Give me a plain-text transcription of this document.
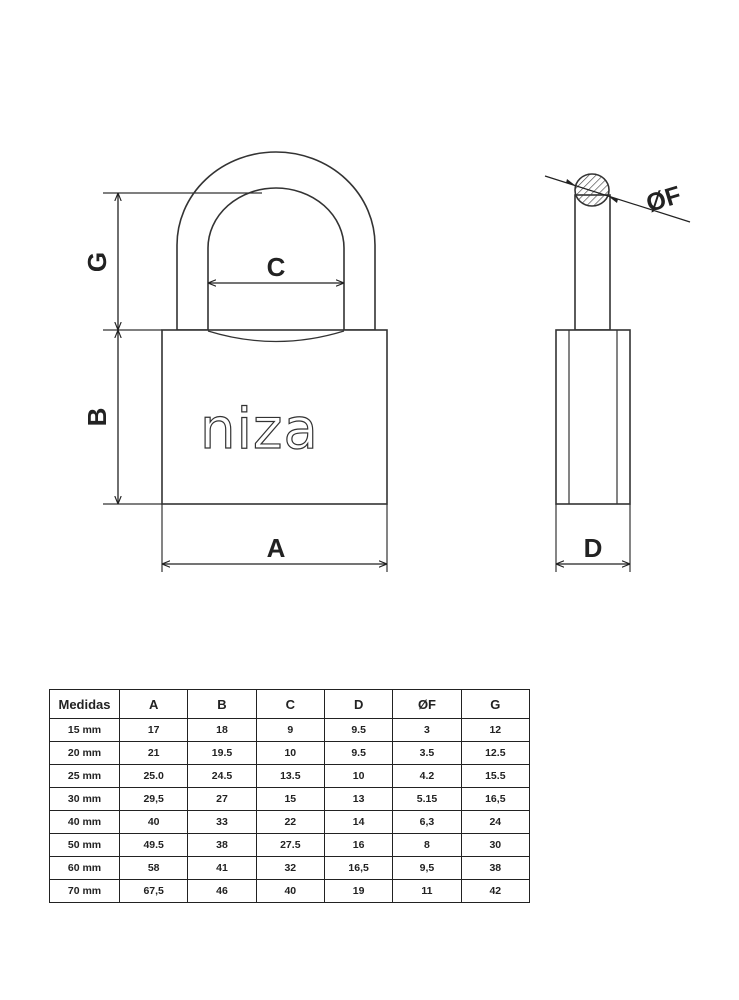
niza
G
B
C
A
ØF
D
Medidas	A	B	C	D	ØF	G
15 mm	17	18	9	9.5	3	12
20 mm	21	19.5	10	9.5	3.5	12.5
25 mm	25.0	24.5	13.5	10	4.2	15.5
30 mm	29,5	27	15	13	5.15	16,5
40 mm	40	33	22	14	6,3	24
50 mm	49.5	38	27.5	16	8	30
60 mm	58	41	32	16,5	9,5	38
70 mm	67,5	46	40	19	11	42
